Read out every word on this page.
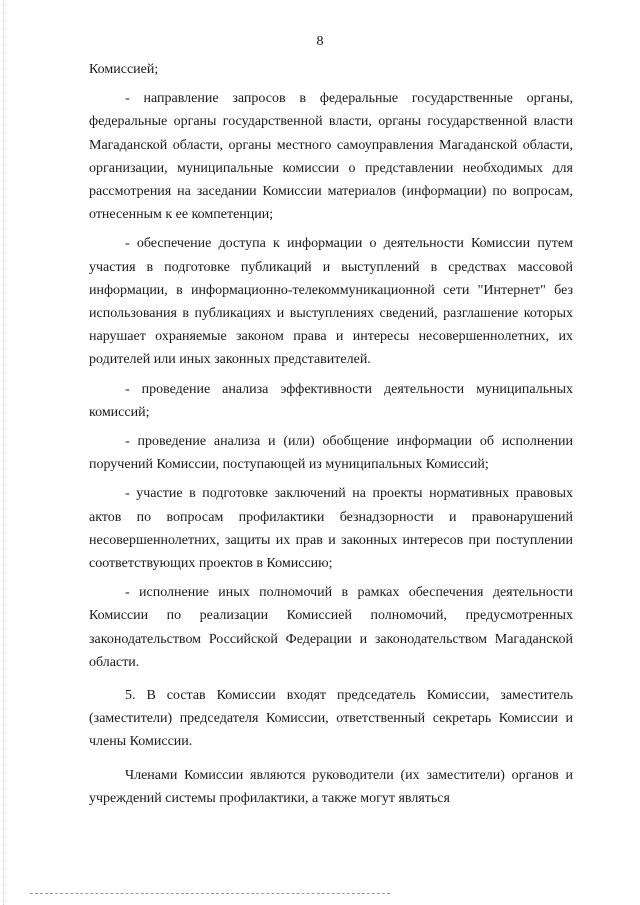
8

Комиссией;

- направление запросов в федеральные государственные органы, федеральные органы государственной власти, органы государственной власти Магаданской области, органы местного самоуправления Магаданской области, организации, муниципальные комиссии о представлении необходимых для рассмотрения на заседании Комиссии материалов (информации) по вопросам, отнесенным к ее компетенции;

- обеспечение доступа к информации о деятельности Комиссии путем участия в подготовке публикаций и выступлений в средствах массовой информации, в информационно-телекоммуникационной сети "Интернет" без использования в публикациях и выступлениях сведений, разглашение которых нарушает охраняемые законом права и интересы несовершеннолетних, их родителей или иных законных представителей.

- проведение анализа эффективности деятельности муниципальных комиссий;

- проведение анализа и (или) обобщение информации об исполнении поручений Комиссии, поступающей из муниципальных Комиссий;

- участие в подготовке заключений на проекты нормативных правовых актов по вопросам профилактики безнадзорности и правонарушений несовершеннолетних, защиты их прав и законных интересов при поступлении соответствующих проектов в Комиссию;

- исполнение иных полномочий в рамках обеспечения деятельности Комиссии по реализации Комиссией полномочий, предусмотренных законодательством Российской Федерации и законодательством Магаданской области.

5. В состав Комиссии входят председатель Комиссии, заместитель (заместители) председателя Комиссии, ответственный секретарь Комиссии и члены Комиссии.

Членами Комиссии являются руководители (их заместители) органов и учреждений системы профилактики, а также могут являться
